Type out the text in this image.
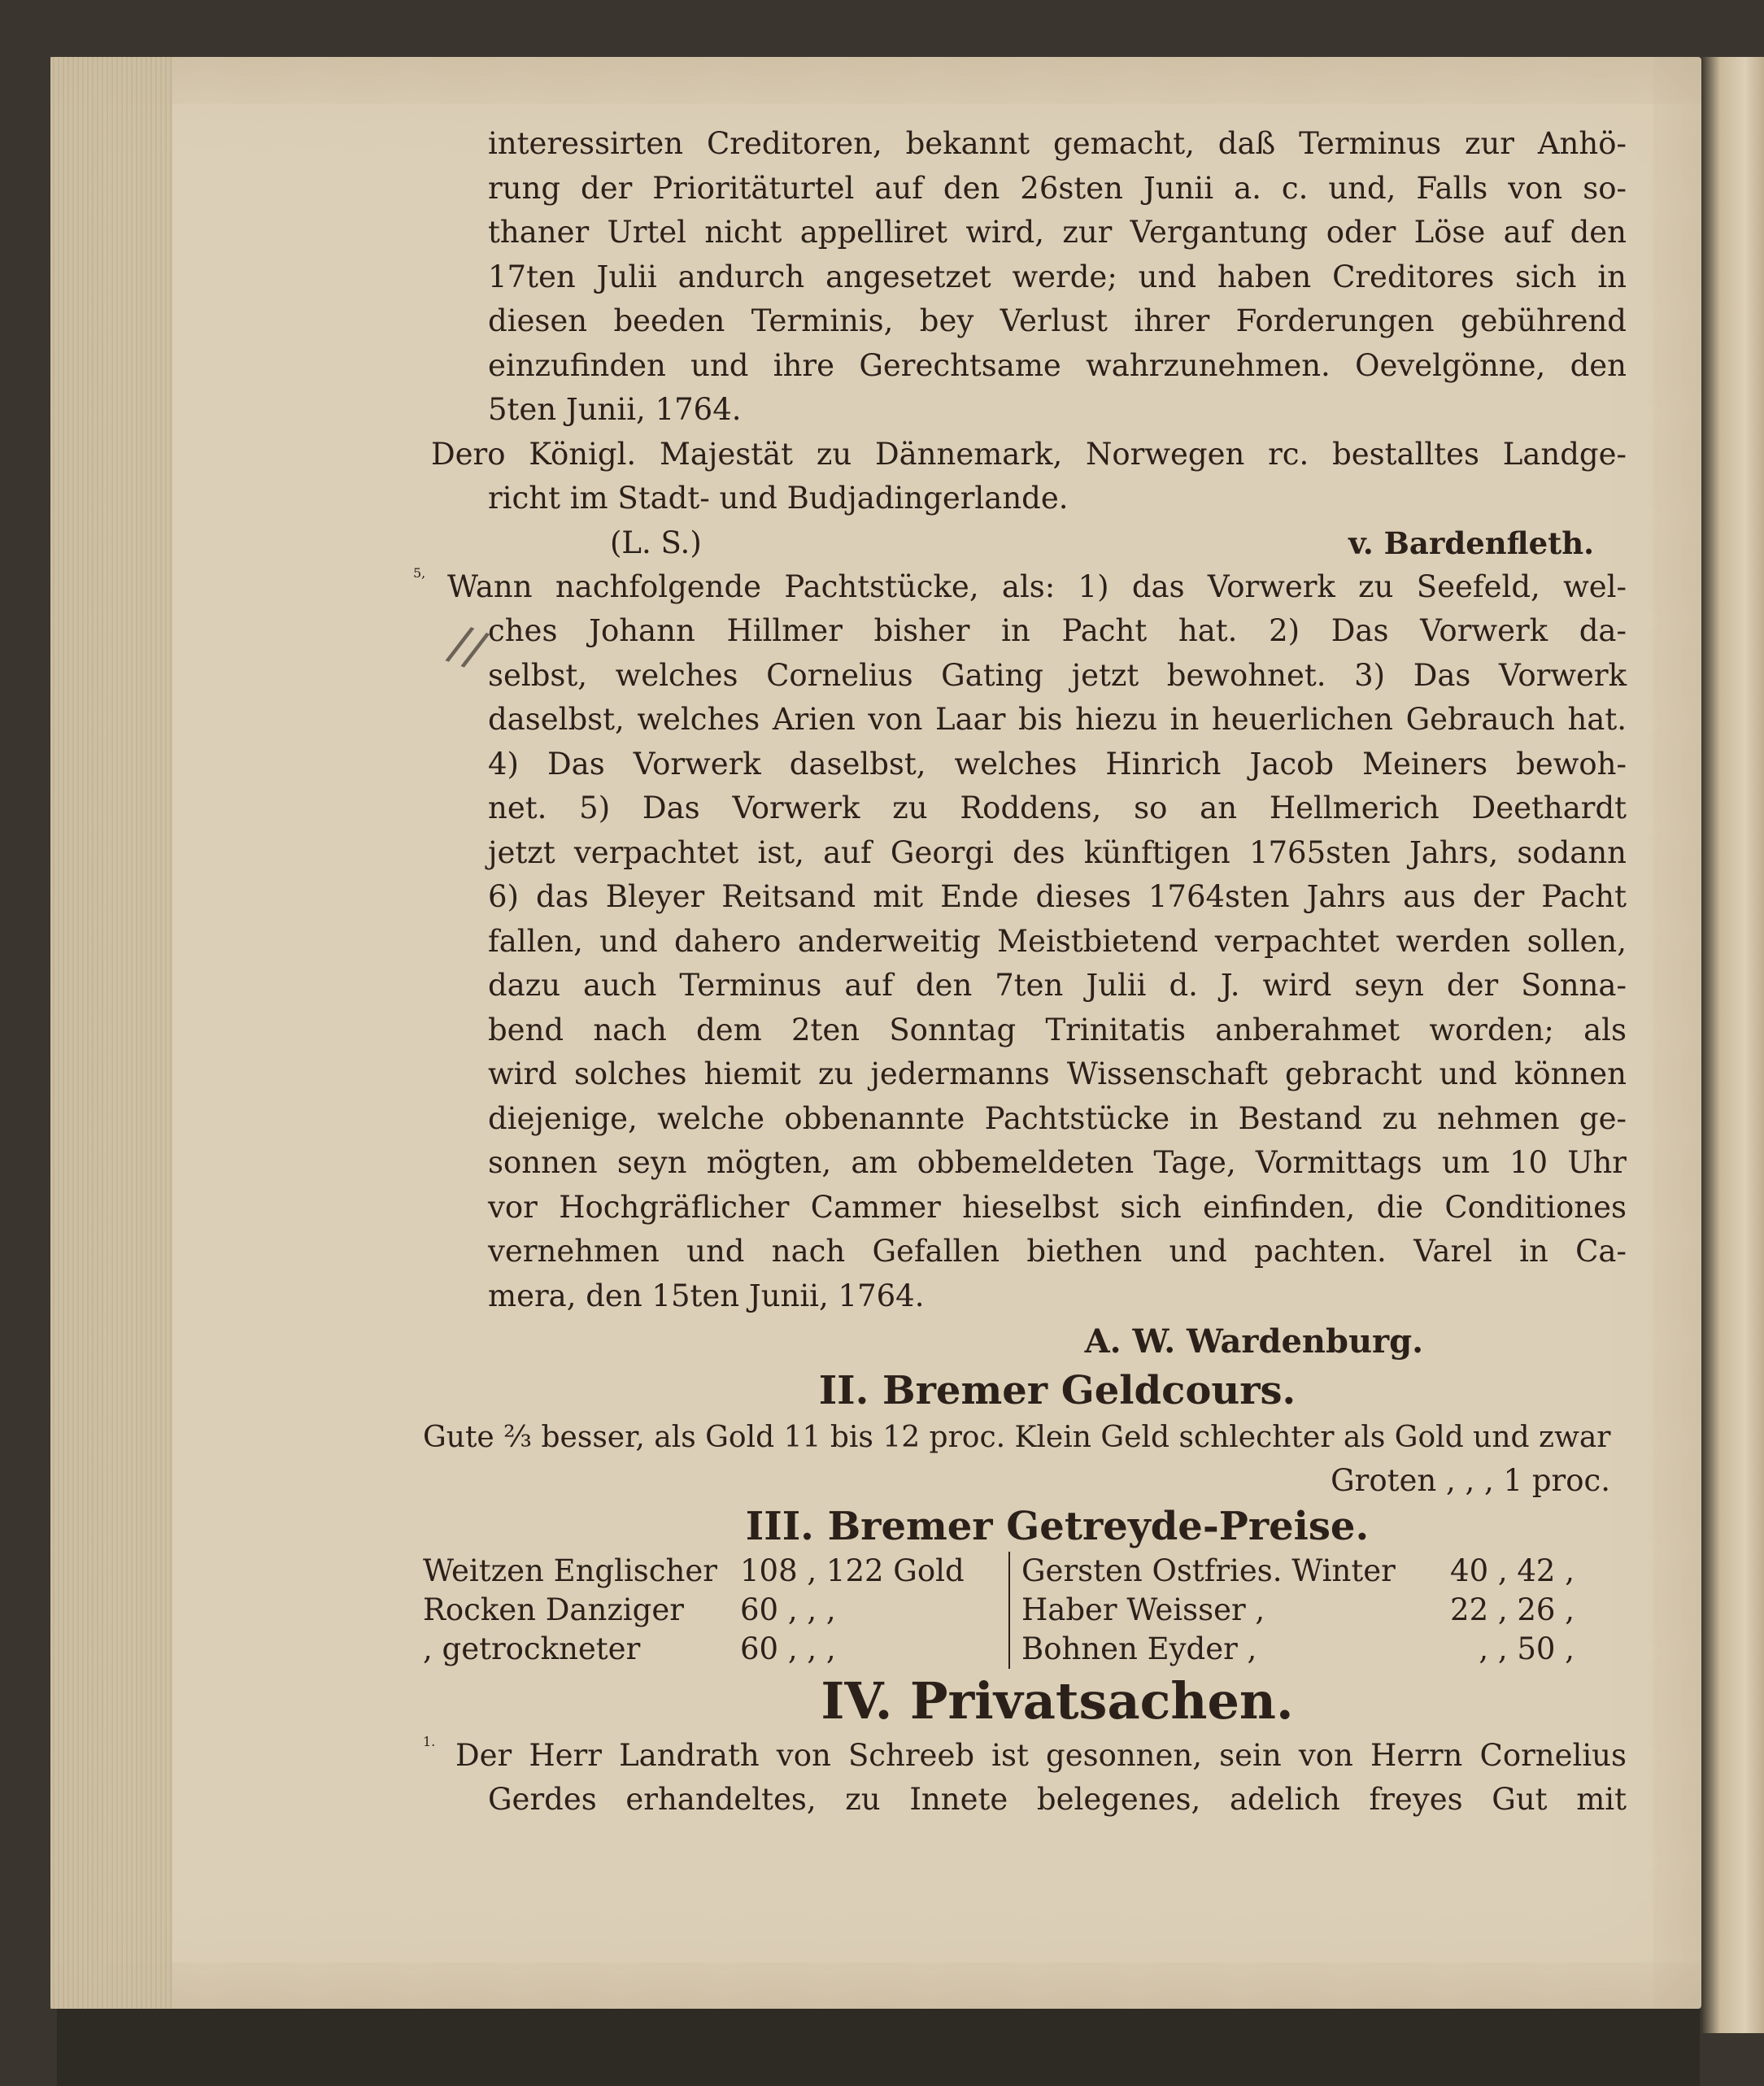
//
interessirten Creditoren, bekannt gemacht, daß Terminus zur Anhö-
rung der Prioritäturtel auf den 26sten Junii a. c. und, Falls von so-
thaner Urtel nicht appelliret wird, zur Vergantung oder Löse auf den
17ten Julii andurch angesetzet werde; und haben Creditores sich in
diesen beeden Terminis, bey Verlust ihrer Forderungen gebührend
einzufinden und ihre Gerechtsame wahrzunehmen. Oevelgönne, den
5ten Junii, 1764.
Dero Königl. Majestät zu Dännemark, Norwegen rc. bestalltes Landge-
richt im Stadt- und Budjadingerlande.
(L. S.)	v. Bardenfleth.
5, Wann nachfolgende Pachtstücke, als: 1) das Vorwerk zu Seefeld, wel-
ches Johann Hillmer bisher in Pacht hat. 2) Das Vorwerk da-
selbst, welches Cornelius Gating jetzt bewohnet. 3) Das Vorwerk
daselbst, welches Arien von Laar bis hiezu in heuerlichen Gebrauch hat.
4) Das Vorwerk daselbst, welches Hinrich Jacob Meiners bewoh-
net. 5) Das Vorwerk zu Roddens, so an Hellmerich Deethardt
jetzt verpachtet ist, auf Georgi des künftigen 1765sten Jahrs, sodann
6) das Bleyer Reitsand mit Ende dieses 1764sten Jahrs aus der Pacht
fallen, und dahero anderweitig Meistbietend verpachtet werden sollen,
dazu auch Terminus auf den 7ten Julii d. J. wird seyn der Sonna-
bend nach dem 2ten Sonntag Trinitatis anberahmet worden; als
wird solches hiemit zu jedermanns Wissenschaft gebracht und können
diejenige, welche obbenannte Pachtstücke in Bestand zu nehmen ge-
sonnen seyn mögten, am obbemeldeten Tage, Vormittags um 10 Uhr
vor Hochgräflicher Cammer hieselbst sich einfinden, die Conditiones
vernehmen und nach Gefallen biethen und pachten. Varel in Ca-
mera, den 15ten Junii, 1764.
A. W. Wardenburg.
II. Bremer Geldcours.
Gute ⅔ besser, als Gold 11 bis 12 proc. Klein Geld schlechter als Gold und zwar
Groten , , , 1 proc.
III. Bremer Getreyde-Preise.
Weitzen Englischer 108 , 122 Gold	Gersten Ostfries. Winter	40 , 42 ,
Rocken Danziger	60 , , ,	Haber Weisser ,	22 , 26 ,
, getrockneter	60 , , ,	Bohnen Eyder ,	, , 50 ,
IV. Privatsachen.
1. Der Herr Landrath von Schreeb ist gesonnen, sein von Herrn Cornelius
Gerdes erhandeltes, zu Innete belegenes, adelich freyes Gut mit
